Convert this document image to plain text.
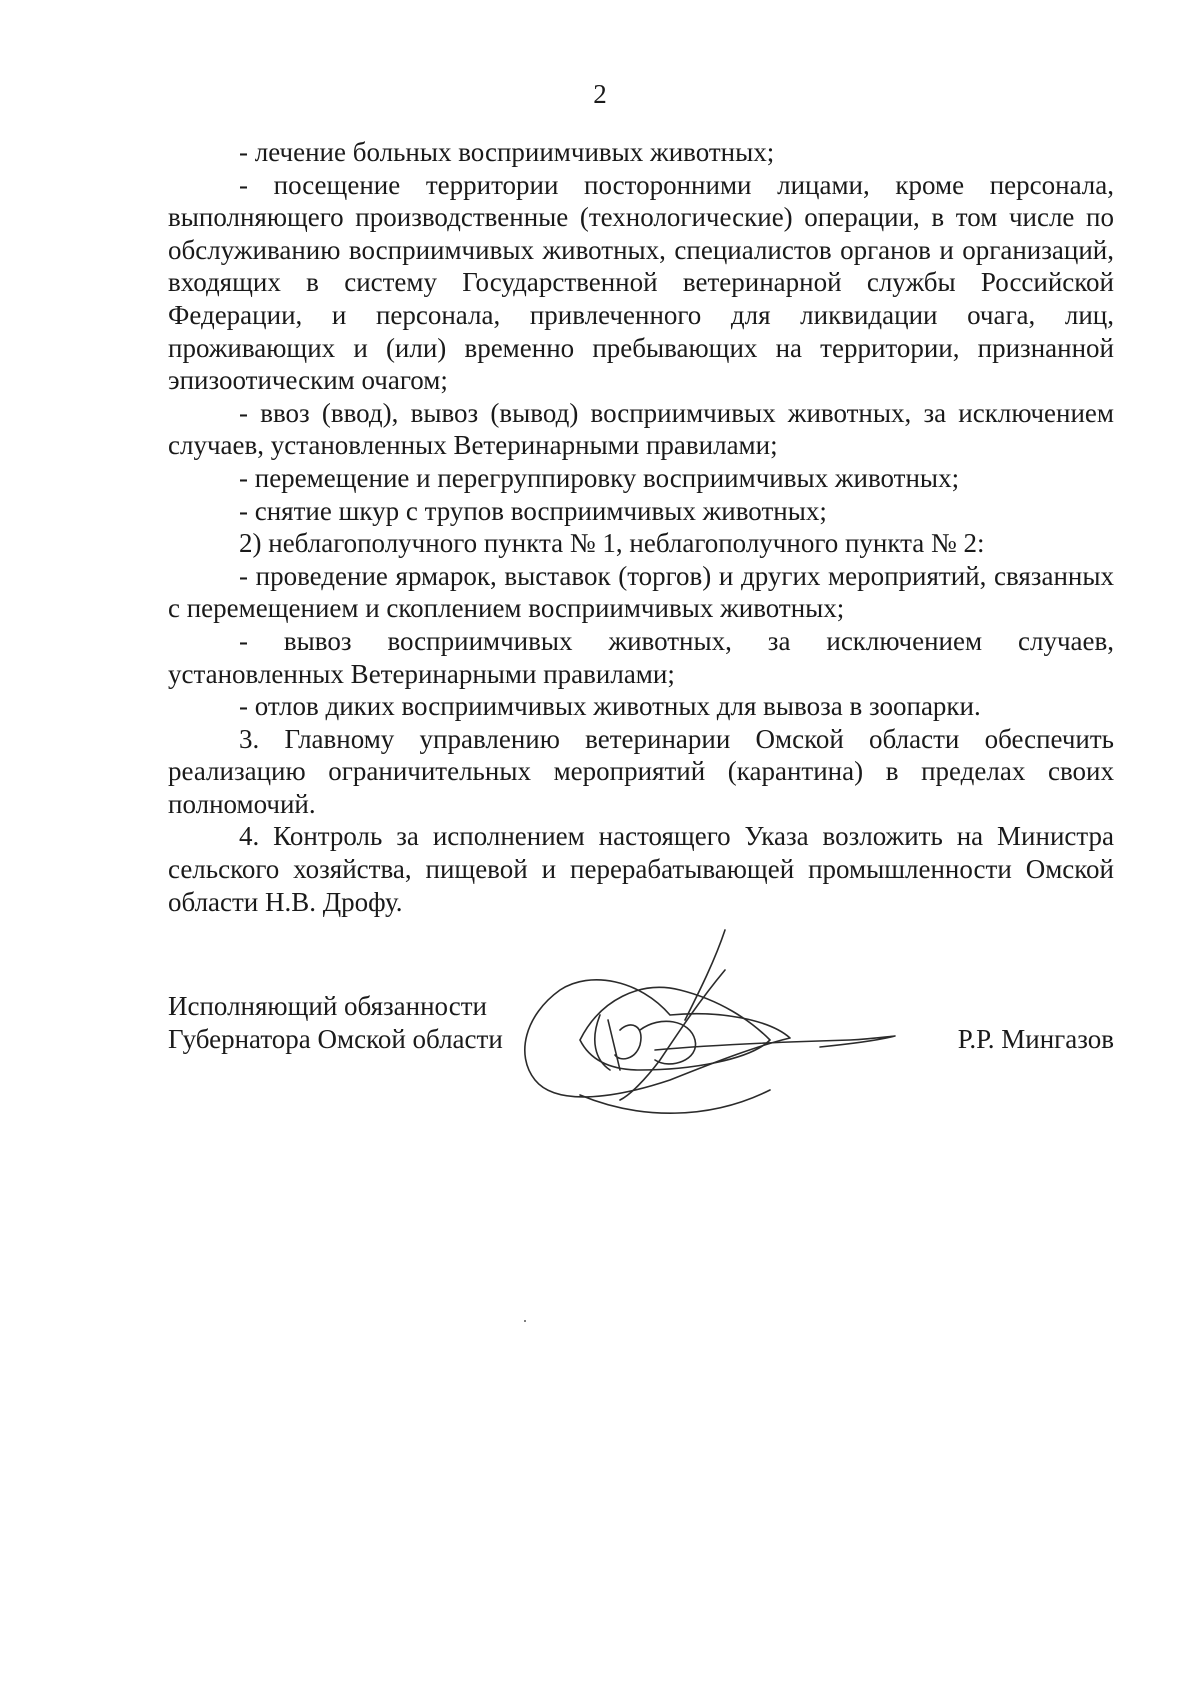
2

- лечение больных восприимчивых животных;

- посещение территории посторонними лицами, кроме персонала, выполняющего производственные (технологические) операции, в том числе по обслуживанию восприимчивых животных, специалистов органов и организаций, входящих в систему Государственной ветеринарной службы Российской Федерации, и персонала, привлеченного для ликвидации очага, лиц, проживающих и (или) временно пребывающих на территории, признанной эпизоотическим очагом;

- ввоз (ввод), вывоз (вывод) восприимчивых животных, за исключением случаев, установленных Ветеринарными правилами;

- перемещение и перегруппировку восприимчивых животных;

- снятие шкур с трупов восприимчивых животных;

2) неблагополучного пункта № 1, неблагополучного пункта № 2:

- проведение ярмарок, выставок (торгов) и других мероприятий, связанных с перемещением и скоплением восприимчивых животных;

- вывоз восприимчивых животных, за исключением случаев, установленных Ветеринарными правилами;

- отлов диких восприимчивых животных для вывоза в зоопарки.

3. Главному управлению ветеринарии Омской области обеспечить реализацию ограничительных мероприятий (карантина) в пределах своих полномочий.

4. Контроль за исполнением настоящего Указа возложить на Министра сельского хозяйства, пищевой и перерабатывающей промышленности Омской области Н.В. Дрофу.

Исполняющий обязанности
Губернатора Омской области	Р.Р. Мингазов
